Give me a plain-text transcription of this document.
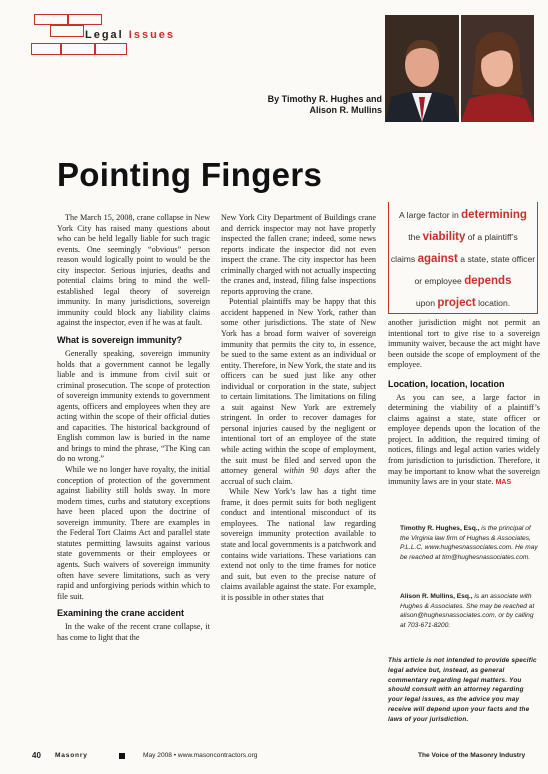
Legal Issues
By Timothy R. Hughes and
Alison R. Mullins
Pointing Fingers

The March 15, 2008, crane collapse in New York City has raised many questions about who can be held legally liable for such tragic events. One seemingly “obvious” person reason would logically point to would be the city inspector. Serious injuries, deaths and potential claims bring to mind the well-established legal theory of sovereign immunity. In many jurisdictions, sovereign immunity could block any liability claims against the inspector, even if he was at fault.

What is sovereign immunity?

Generally speaking, sovereign immunity holds that a government cannot be legally liable and is immune from civil suit or criminal prosecution. The scope of protection of sovereign immunity extends to government agents, officers and employees when they are acting within the scope of their official duties and capacities. The historical background of English common law is buried in the name and brings to mind the phrase, “The King can do no wrong.”

While we no longer have royalty, the initial conception of protection of the government against liability still holds sway. In more modern times, curbs and statutory exceptions have been placed upon the doctrine of sovereign immunity. There are examples in the Federal Tort Claims Act and parallel state statutes permitting lawsuits against various state governments or their employees or agents. Such waivers of sovereign immunity often have severe limitations, such as very rapid and unforgiving periods within which to file suit.

Examining the crane accident

In the wake of the recent crane collapse, it has come to light that the

New York City Department of Buildings crane and derrick inspector may not have properly inspected the fallen crane; indeed, some news reports indicate the inspector did not even inspect the crane. The city inspector has been criminally charged with not actually inspecting the cranes and, instead, filing false inspections reports approving the crane.

Potential plaintiffs may be happy that this accident happened in New York, rather than some other jurisdictions. The state of New York has a broad form waiver of sovereign immunity that permits the city to, in essence, be sued to the same extent as an individual or entity. Therefore, in New York, the state and its officers can be sued just like any other individual or corporation in the state, subject to certain limitations. The limitations on filing a suit against New York are extremely stringent. In order to recover damages for personal injuries caused by the negligent or intentional tort of an employee of the state while acting within the scope of employment, the suit must be filed and served upon the attorney general within 90 days after the accrual of such claim.

While New York’s law has a tight time frame, it does permit suits for both negligent conduct and intentional misconduct of its employees. The national law regarding sovereign immunity protection available to state and local governments is a patchwork and contains wide variations. These variations can extend not only to the time frames for notice and suit, but even to the precise nature of claims available against the state. For example, it is possible in other states that

A large factor in determining
the viability of a plaintiff’s
claims against a state, state officer
or employee depends
upon project location.

another jurisdiction might not permit an intentional tort to give rise to a sovereign immunity waiver, because the act might have been outside the scope of employment of the employee.

Location, location, location

As you can see, a large factor in determining the viability of a plaintiff’s claims against a state, state officer or employee depends upon the location of the project. In addition, the required timing of notices, filings and legal action varies widely from jurisdiction to jurisdiction. Therefore, it may be important to know what the sovereign immunity laws are in your state. MAS

Timothy R. Hughes, Esq., is the principal of the Virginia law firm of Hughes & Associates, P.L.L.C, www.hughesnassociates.com. He may be reached at tim@hughesnassociates.com.
Alison R. Mullins, Esq., is an associate with Hughes & Associates. She may be reached at alison@hughesnassociates.com, or by calling at 703-671-8200.
This article is not intended to provide specific legal advice but, instead, as general commentary regarding legal matters. You should consult with an attorney regarding your legal issues, as the advice you may receive will depend upon your facts and the laws of your jurisdiction.
40 Masonry	May 2008 • www.masoncontractors.org	The Voice of the Masonry Industry
